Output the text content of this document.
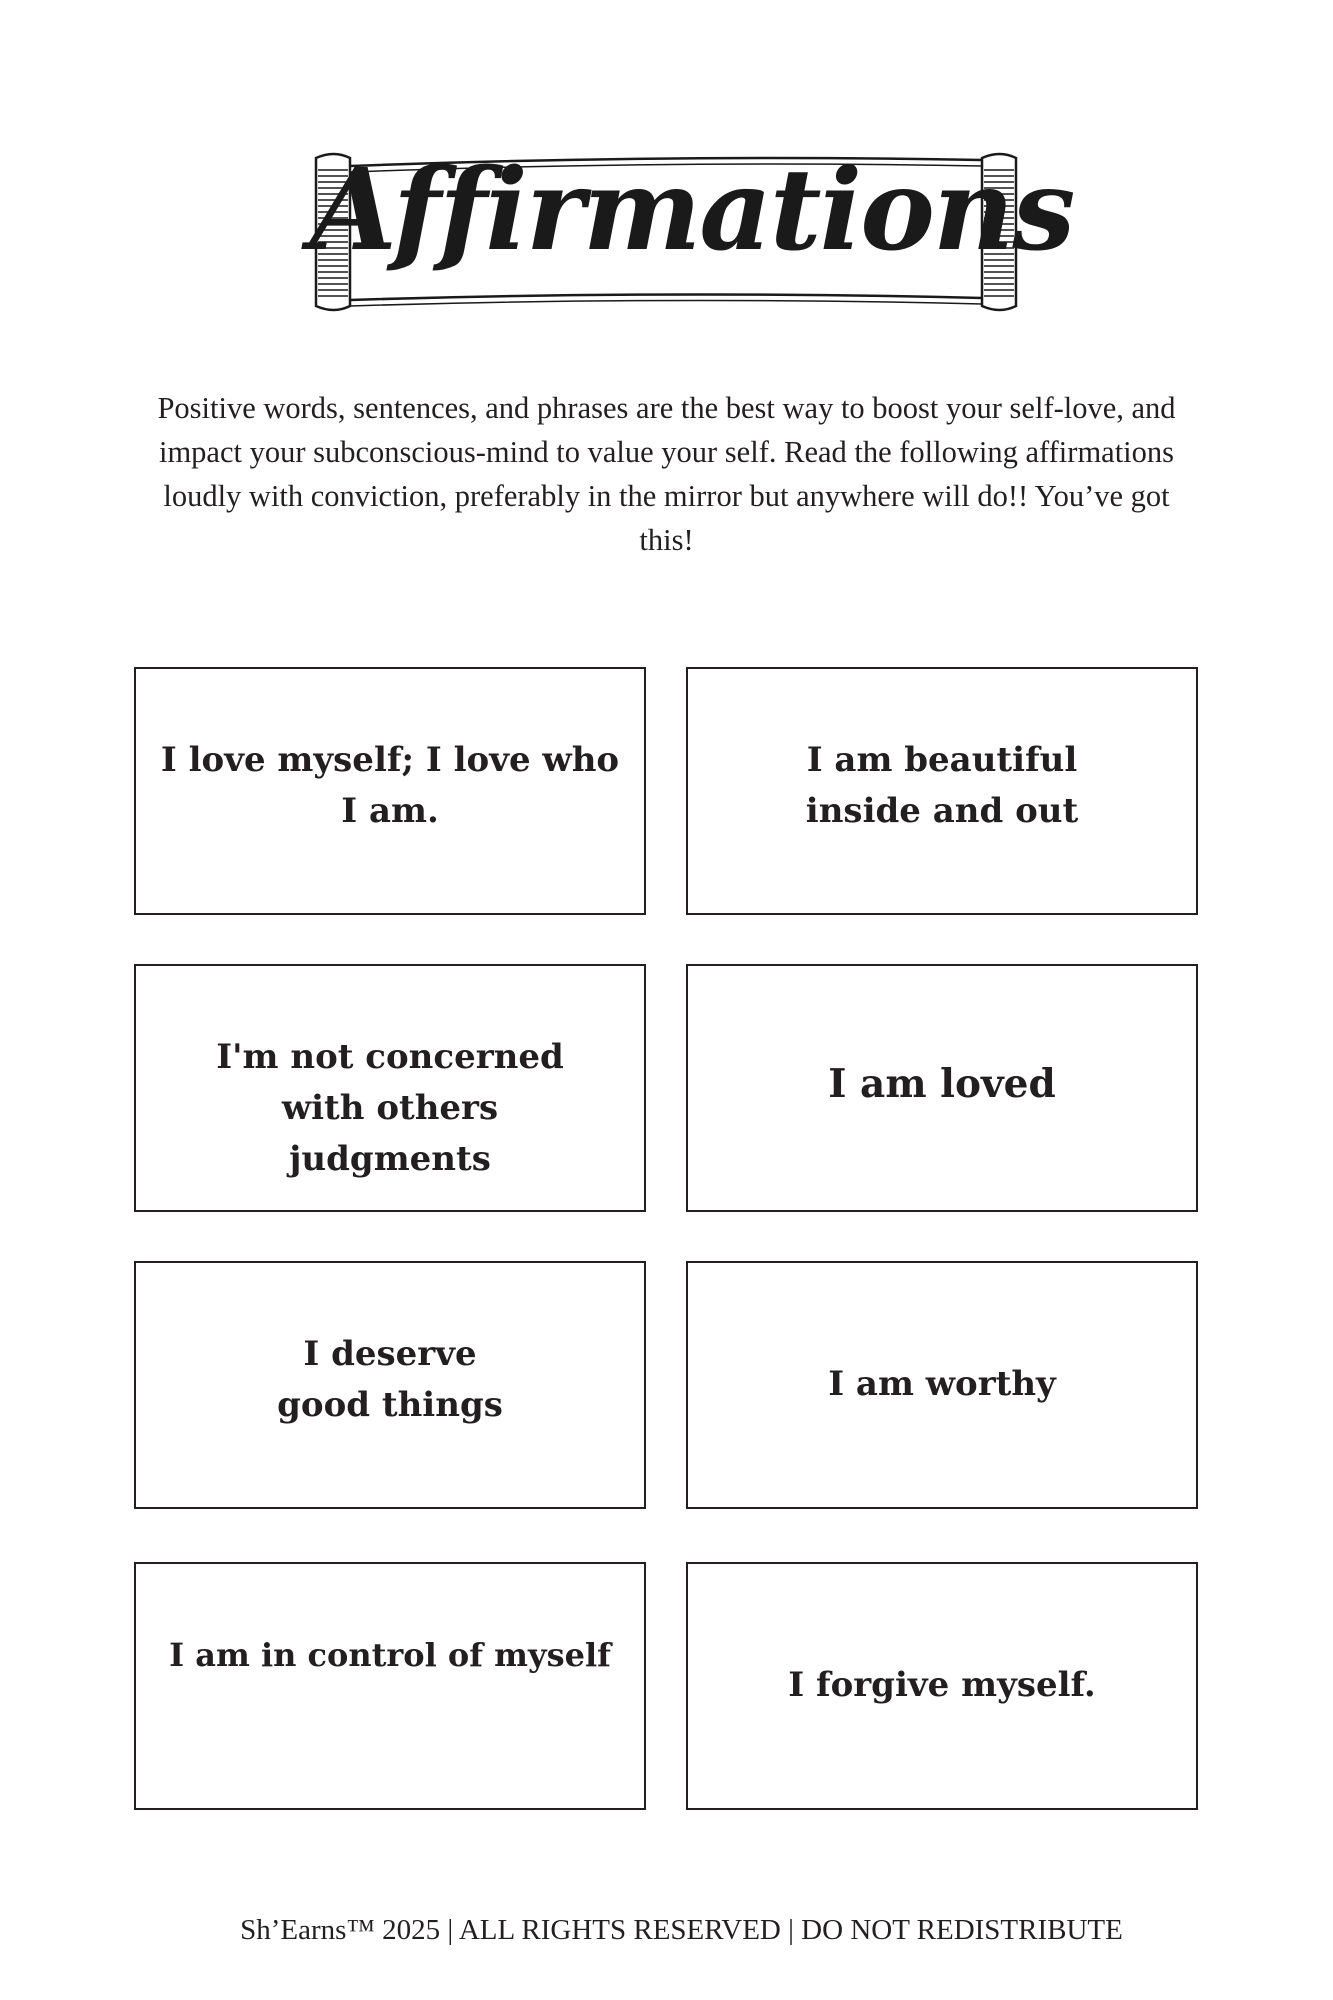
Affirmations

Positive words, sentences, and phrases are the best way to boost your self-love, and impact your subconscious-mind to value your self. Read the following affirmations loudly with conviction, preferably in the mirror but anywhere will do!! You’ve got this!

I love myself; I love who I am.
I am beautiful inside and out
I'm not concerned with others judgments
I am loved
I deserve good things
I am worthy
I am in control of myself
I forgive myself.
Sh’Earns™ 2025 | ALL RIGHTS RESERVED | DO NOT REDISTRIBUTE
